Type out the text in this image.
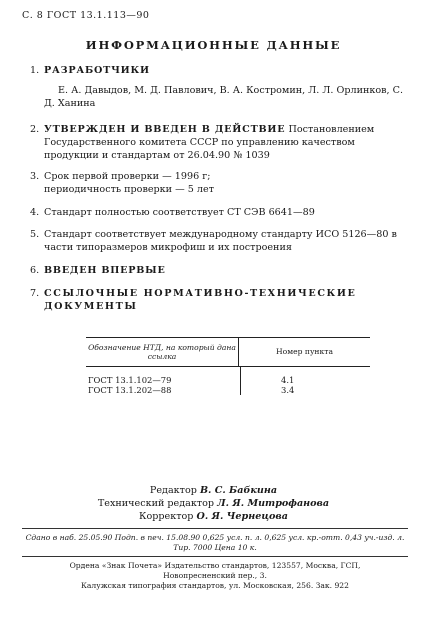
С. 8 ГОСТ 13.1.113—90
ИНФОРМАЦИОННЫЕ ДАННЫЕ
1. РАЗРАБОТЧИКИ
Е. А. Давыдов, М. Д. Павлович, В. А. Костромин, Л. Л. Орлинков, С. Д. Ханина
2. УТВЕРЖДЕН И ВВЕДЕН В ДЕЙСТВИЕ Постановлением Государственного комитета СССР по управлению качеством продукции и стандартам от 26.04.90 № 1039
3. Срок первой проверки — 1996 г;
периодичность проверки — 5 лет
4. Стандарт полностью соответствует СТ СЭВ 6641—89
5. Стандарт соответствует международному стандарту ИСО 5126—80 в части типоразмеров микрофиш и их построения
6. ВВЕДЕН ВПЕРВЫЕ
7. ССЫЛОЧНЫЕ НОРМАТИВНО-ТЕХНИЧЕСКИЕ ДОКУМЕНТЫ
Обозначение НТД, на который дана ссылка
Номер пункта
ГОСТ 13.1.102—79	4.1
ГОСТ 13.1.202—88	3.4
Редактор В. С. Бабкина
Технический редактор Л. Я. Митрофанова
Корректор О. Я. Чернецова
Сдано в наб. 25.05.90 Подп. в печ. 15.08.90 0,625 усл. п. л. 0,625 усл. кр.-отт. 0,43 уч.-изд. л.
Тир. 7000 Цена 10 к.
Ордена «Знак Почета» Издательство стандартов, 123557, Москва, ГСП,
Новопресненский пер., 3.
Калужская типография стандартов, ул. Московская, 256. Зак. 922
